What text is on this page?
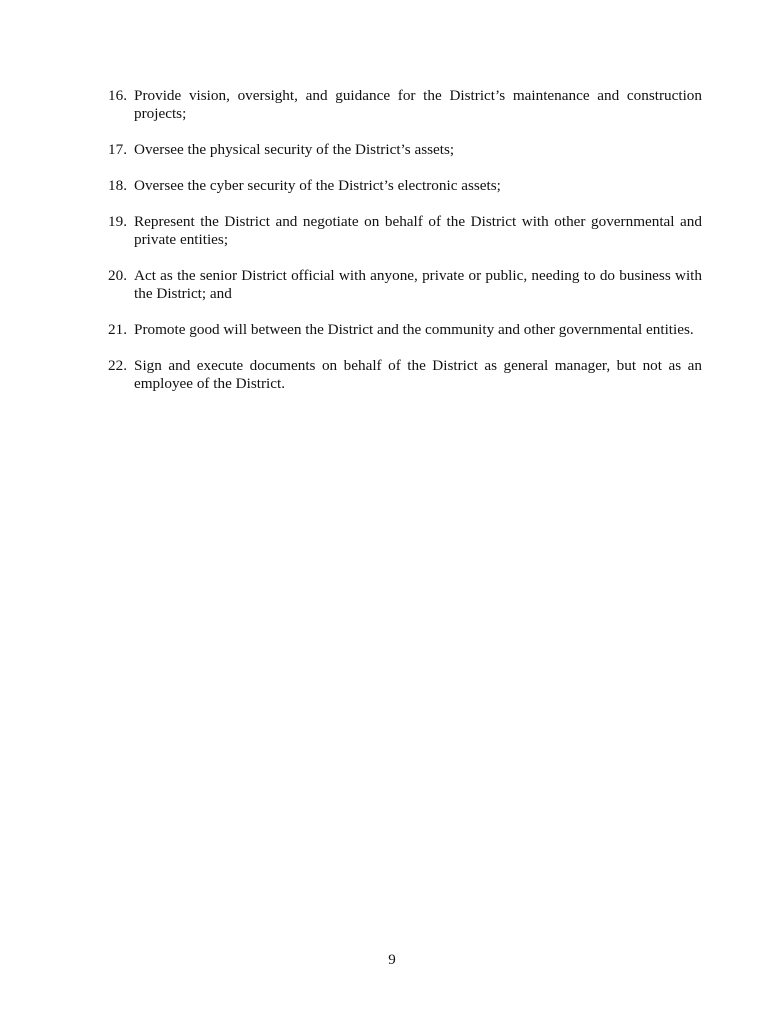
16. Provide vision, oversight, and guidance for the District’s maintenance and construction projects;
17. Oversee the physical security of the District’s assets;
18. Oversee the cyber security of the District’s electronic assets;
19. Represent the District and negotiate on behalf of the District with other governmental and private entities;
20. Act as the senior District official with anyone, private or public, needing to do business with the District; and
21. Promote good will between the District and the community and other governmental entities.
22. Sign and execute documents on behalf of the District as general manager, but not as an employee of the District.
9
